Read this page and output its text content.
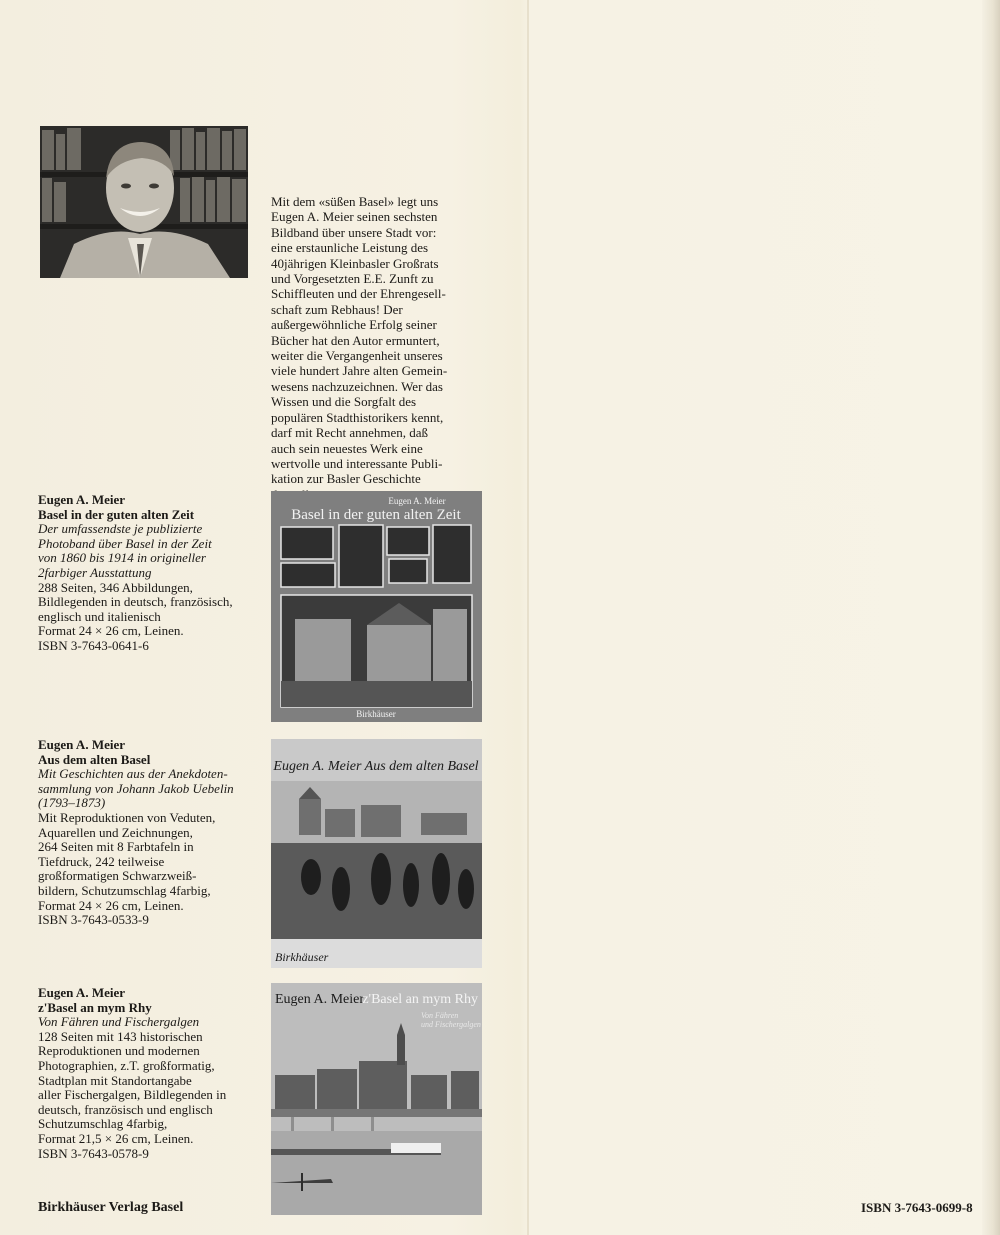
Mit dem «süßen Basel» legt uns
Eugen A. Meier seinen sechsten
Bildband über unsere Stadt vor:
eine erstaunliche Leistung des
40jährigen Kleinbasler Großrats
und Vorgesetzten E.E. Zunft zu
Schiffleuten und der Ehrengesell-
schaft zum Rebhaus! Der
außergewöhnliche Erfolg seiner
Bücher hat den Autor ermuntert,
weiter die Vergangenheit unseres
viele hundert Jahre alten Gemein-
wesens nachzuzeichnen. Wer das
Wissen und die Sorgfalt des
populären Stadthistorikers kennt,
darf mit Recht annehmen, daß
auch sein neuestes Werk eine
wertvolle und interessante Publi-
kation zur Basler Geschichte

Eugen A. Meier
Basel in der guten alten Zeit
Der umfassendste je publizierte
Photoband über Basel in der Zeit
von 1860 bis 1914 in origineller
2farbiger Ausstattung
288 Seiten, 346 Abbildungen,
Bildlegenden in deutsch, französisch,
englisch und italienisch
Format 24 × 26 cm, Leinen.
ISBN 3-7643-0641-6
Eugen A. Meier
Basel in der guten alten Zeit
Birkhäuser
Eugen A. Meier
Aus dem alten Basel
Mit Geschichten aus der Anekdoten-
sammlung von Johann Jakob Uebelin
(1793–1873)
Mit Reproduktionen von Veduten,
Aquarellen und Zeichnungen,
264 Seiten mit 8 Farbtafeln in
Tiefdruck, 242 teilweise
großformatigen Schwarzweiß-
bildern, Schutzumschlag 4farbig,
Format 24 × 26 cm, Leinen.
ISBN 3-7643-0533-9
Eugen A. Meier Aus dem alten Basel
Birkhäuser
Eugen A. Meier
z'Basel an mym Rhy
Von Fähren und Fischergalgen
128 Seiten mit 143 historischen
Reproduktionen und modernen
Photographien, z.T. großformatig,
Stadtplan mit Standortangabe
aller Fischergalgen, Bildlegenden in
deutsch, französisch und englisch
Schutzumschlag 4farbig,
Format 21,5 × 26 cm, Leinen.
ISBN 3-7643-0578-9
Eugen A. Meier
z'Basel an mym Rhy
Von Fähren und Fischergalgen
Birkhäuser Verlag Basel	ISBN 3-7643-0699-8
